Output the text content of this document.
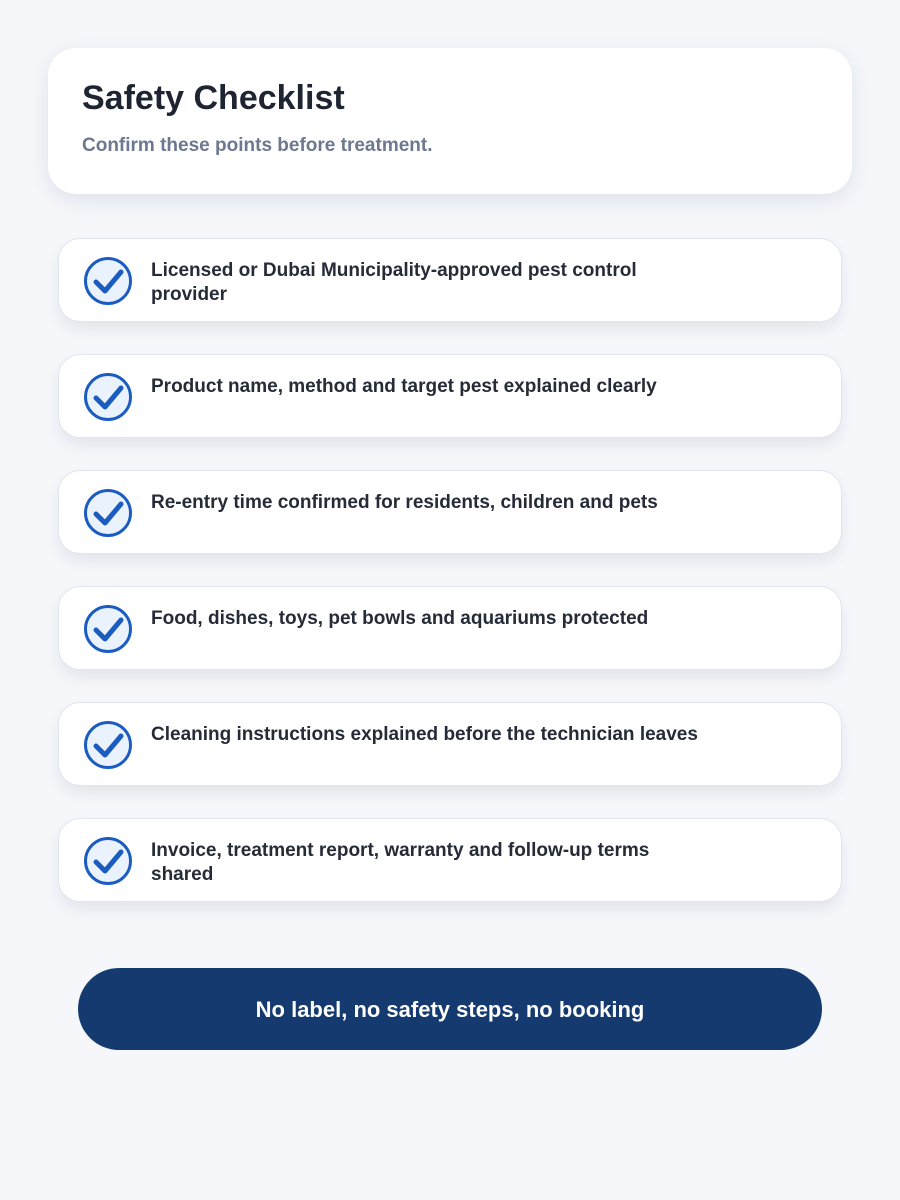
Safety Checklist

Confirm these points before treatment.

Licensed or Dubai Municipality-approved pest control provider
Product name, method and target pest explained clearly
Re-entry time confirmed for residents, children and pets
Food, dishes, toys, pet bowls and aquariums protected
Cleaning instructions explained before the technician leaves
Invoice, treatment report, warranty and follow-up terms shared
No label, no safety steps, no booking
